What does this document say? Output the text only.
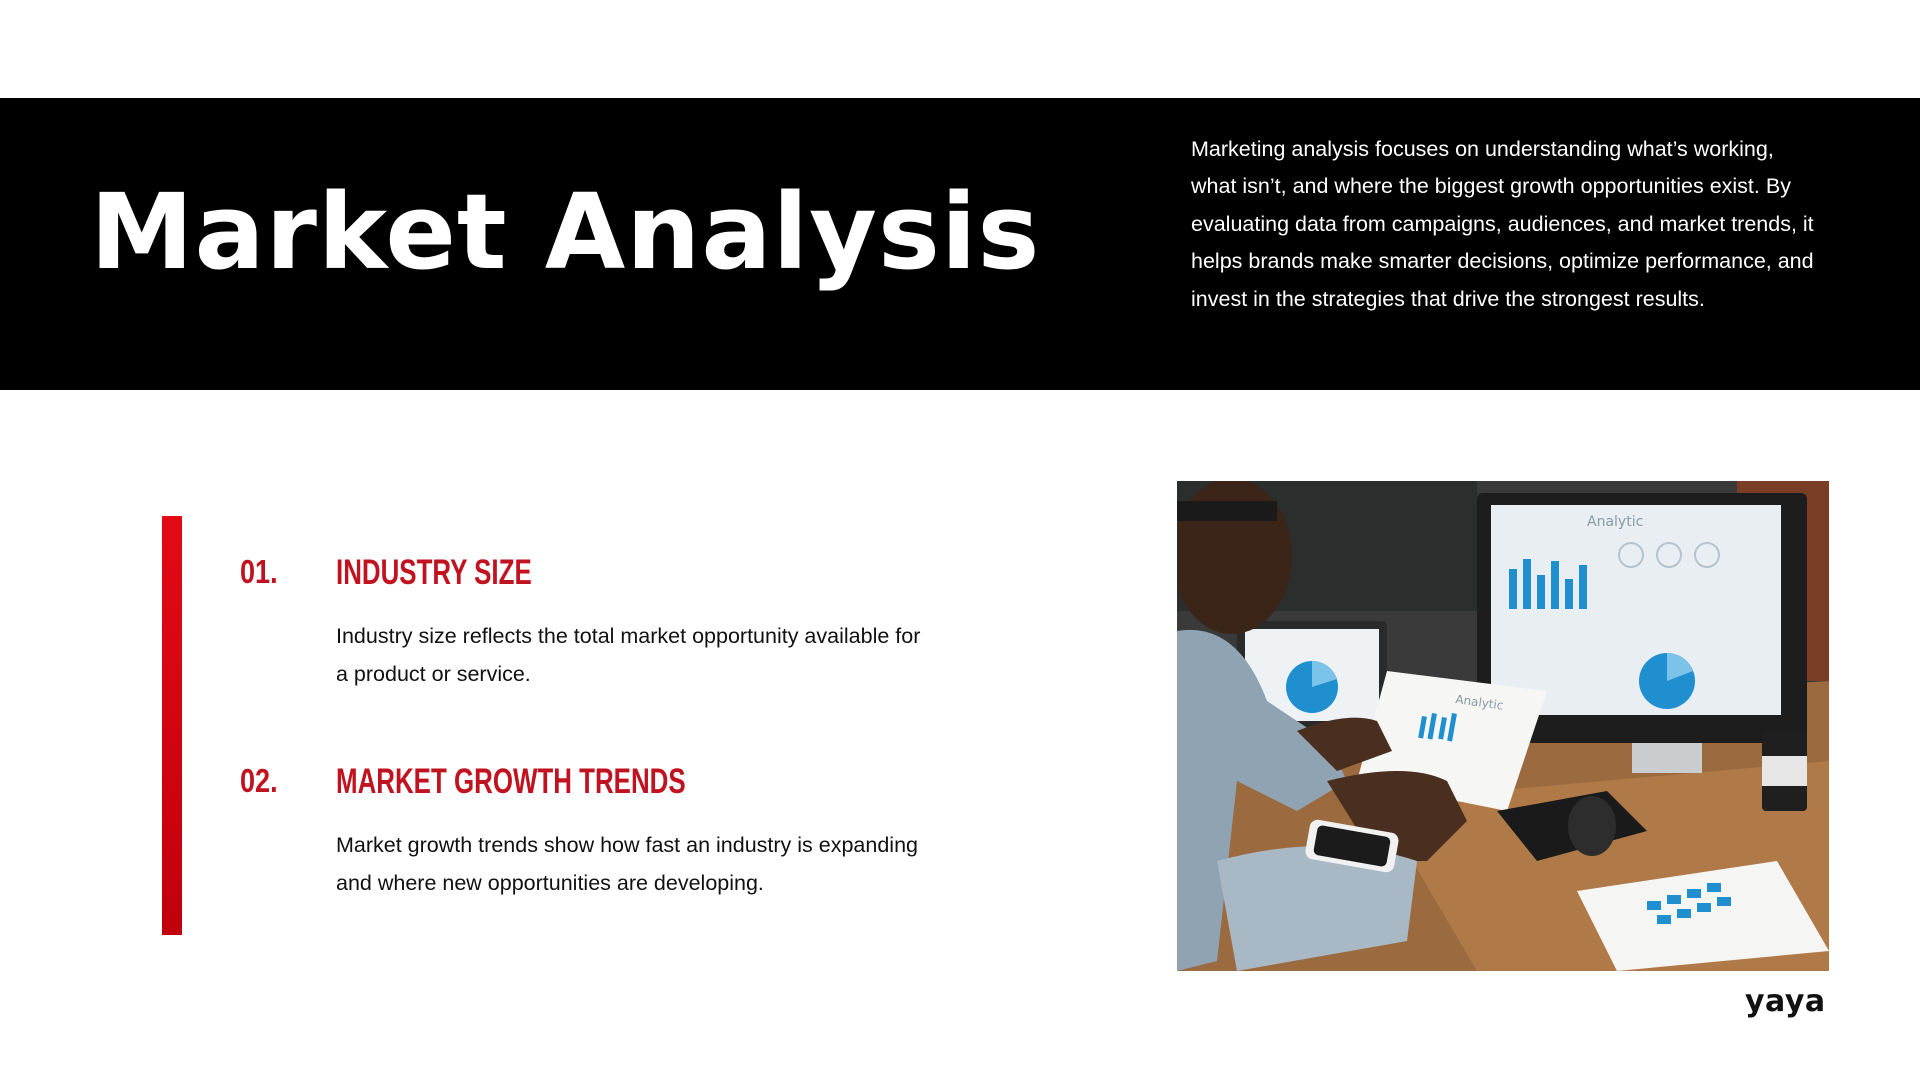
Market Analysis

Marketing analysis focuses on understanding what’s working, what isn’t, and where the biggest growth opportunities exist. By evaluating data from campaigns, audiences, and market trends, it helps brands make smarter decisions, optimize performance, and invest in the strategies that drive the strongest results.

01. INDUSTRY SIZE

Industry size reflects the total market opportunity available for a product or service.

02. MARKET GROWTH TRENDS

Market growth trends show how fast an industry is expanding and where new opportunities are developing.

Analytic
Analytic
yaya
